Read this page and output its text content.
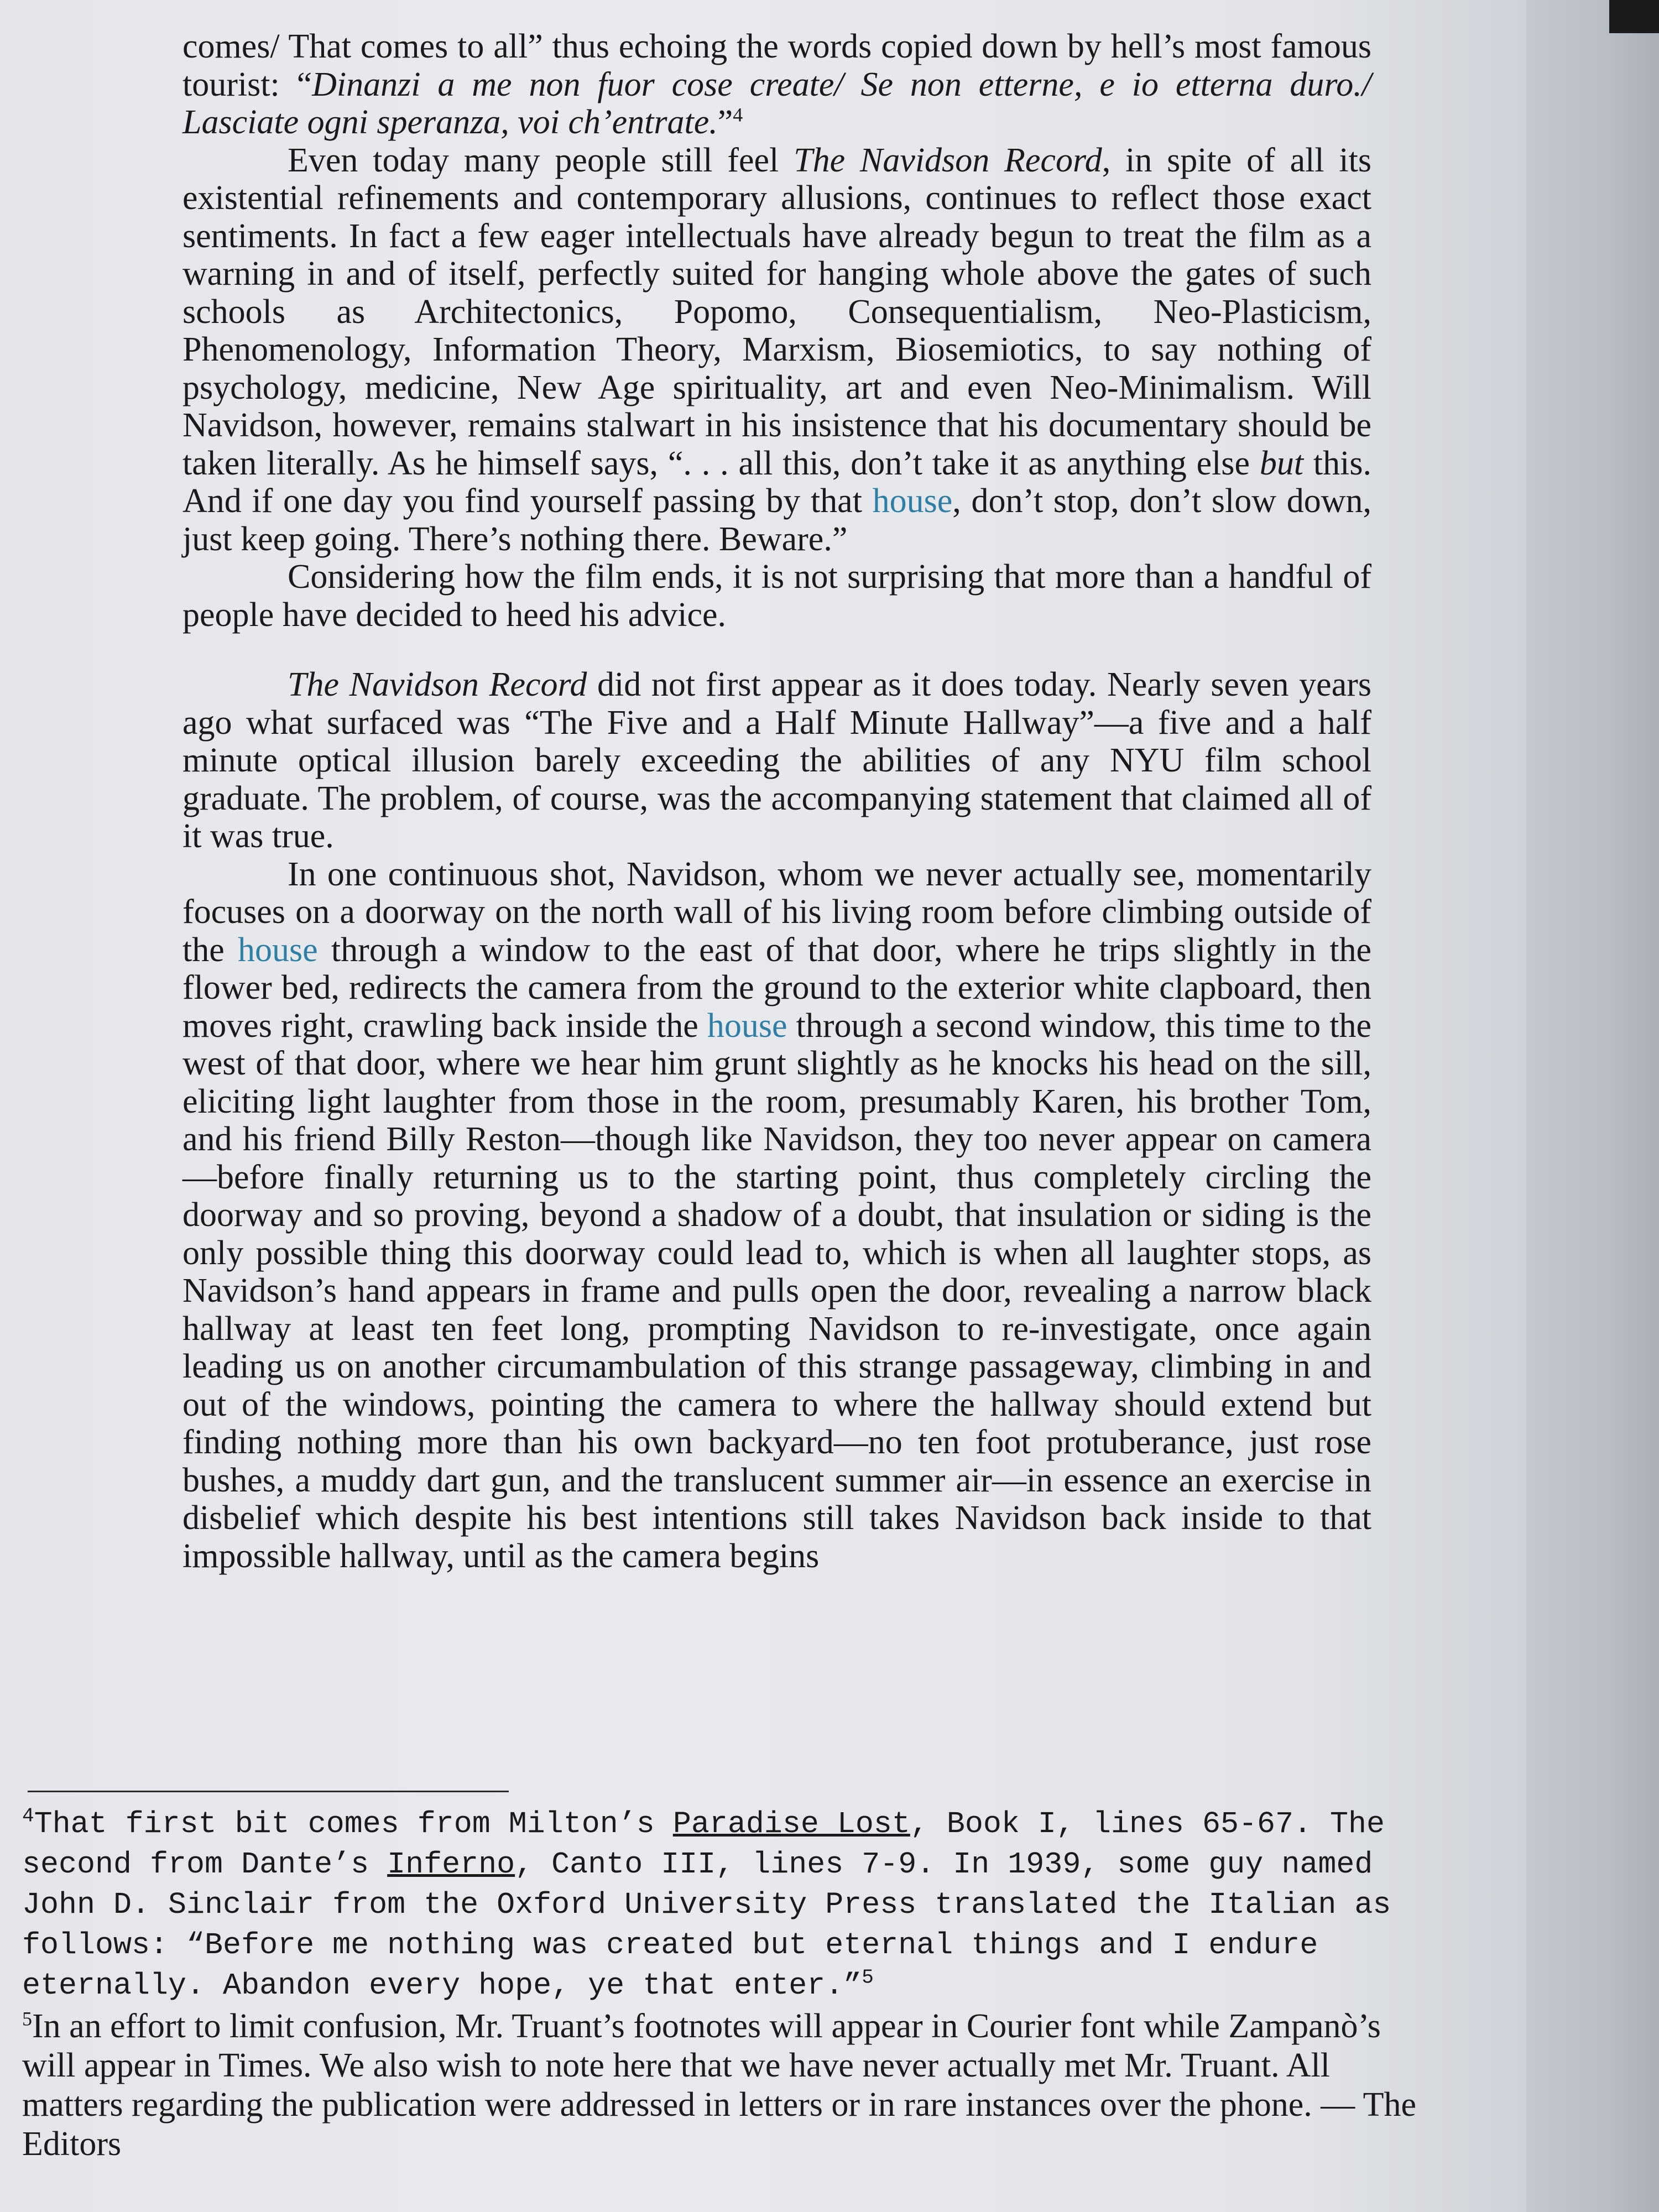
comes/ That comes to all” thus echoing the words copied down by hell’s most famous tourist: “Dinanzi a me non fuor cose create/ Se non etterne, e io etterna duro./ Lasciate ogni speranza, voi ch’entrate.”$^4$

Even today many people still feel The Navidson Record, in spite of all its existential refinements and contemporary allusions, continues to reflect those exact sentiments. In fact a few eager intellectuals have already begun to treat the film as a warning in and of itself, perfectly suited for hanging whole above the gates of such schools as Architectonics, Popomo, Consequentialism, Neo-Plasticism, Phenomenology, Information Theory, Marxism, Biosemiotics, to say nothing of psychology, medicine, New Age spirituality, art and even Neo-Minimalism. Will Navidson, however, remains stalwart in his insistence that his documentary should be taken literally. As he himself says, “. . . all this, don’t take it as anything else but this. And if one day you find yourself passing by that house, don’t stop, don’t slow down, just keep going. There’s nothing there. Beware.”

Considering how the film ends, it is not surprising that more than a handful of people have decided to heed his advice.

The Navidson Record did not first appear as it does today. Nearly seven years ago what surfaced was “The Five and a Half Minute Hallway”—a five and a half minute optical illusion barely exceeding the abilities of any NYU film school graduate. The problem, of course, was the accompanying statement that claimed all of it was true.

In one continuous shot, Navidson, whom we never actually see, momentarily focuses on a doorway on the north wall of his living room before climbing outside of the house through a window to the east of that door, where he trips slightly in the flower bed, redirects the camera from the ground to the exterior white clapboard, then moves right, crawling back inside the house through a second window, this time to the west of that door, where we hear him grunt slightly as he knocks his head on the sill, eliciting light laughter from those in the room, presumably Karen, his brother Tom, and his friend Billy Reston—though like Navidson, they too never appear on camera—before finally returning us to the starting point, thus completely circling the doorway and so proving, beyond a shadow of a doubt, that insulation or siding is the only possible thing this doorway could lead to, which is when all laughter stops, as Navidson’s hand appears in frame and pulls open the door, revealing a narrow black hallway at least ten feet long, prompting Navidson to re-investigate, once again leading us on another circumambulation of this strange passageway, climbing in and out of the windows, pointing the camera to where the hallway should extend but finding nothing more than his own backyard—no ten foot protuberance, just rose bushes, a muddy dart gun, and the translucent summer air—in essence an exercise in disbelief which despite his best intentions still takes Navidson back inside to that impossible hallway, until as the camera begins

$^4$That first bit comes from Milton’s Paradise Lost, Book I, lines 65-67. The second from Dante’s Inferno, Canto III, lines 7-9. In 1939, some guy named John D. Sinclair from the Oxford University Press translated the Italian as follows: “Before me nothing was created but eternal things and I endure eternally. Abandon every hope, ye that enter.”$^5$
$^5$In an effort to limit confusion, Mr. Truant’s footnotes will appear in Courier font while Zampanò’s will appear in Times. We also wish to note here that we have never actually met Mr. Truant. All matters regarding the publication were addressed in letters or in rare instances over the phone. — The Editors
